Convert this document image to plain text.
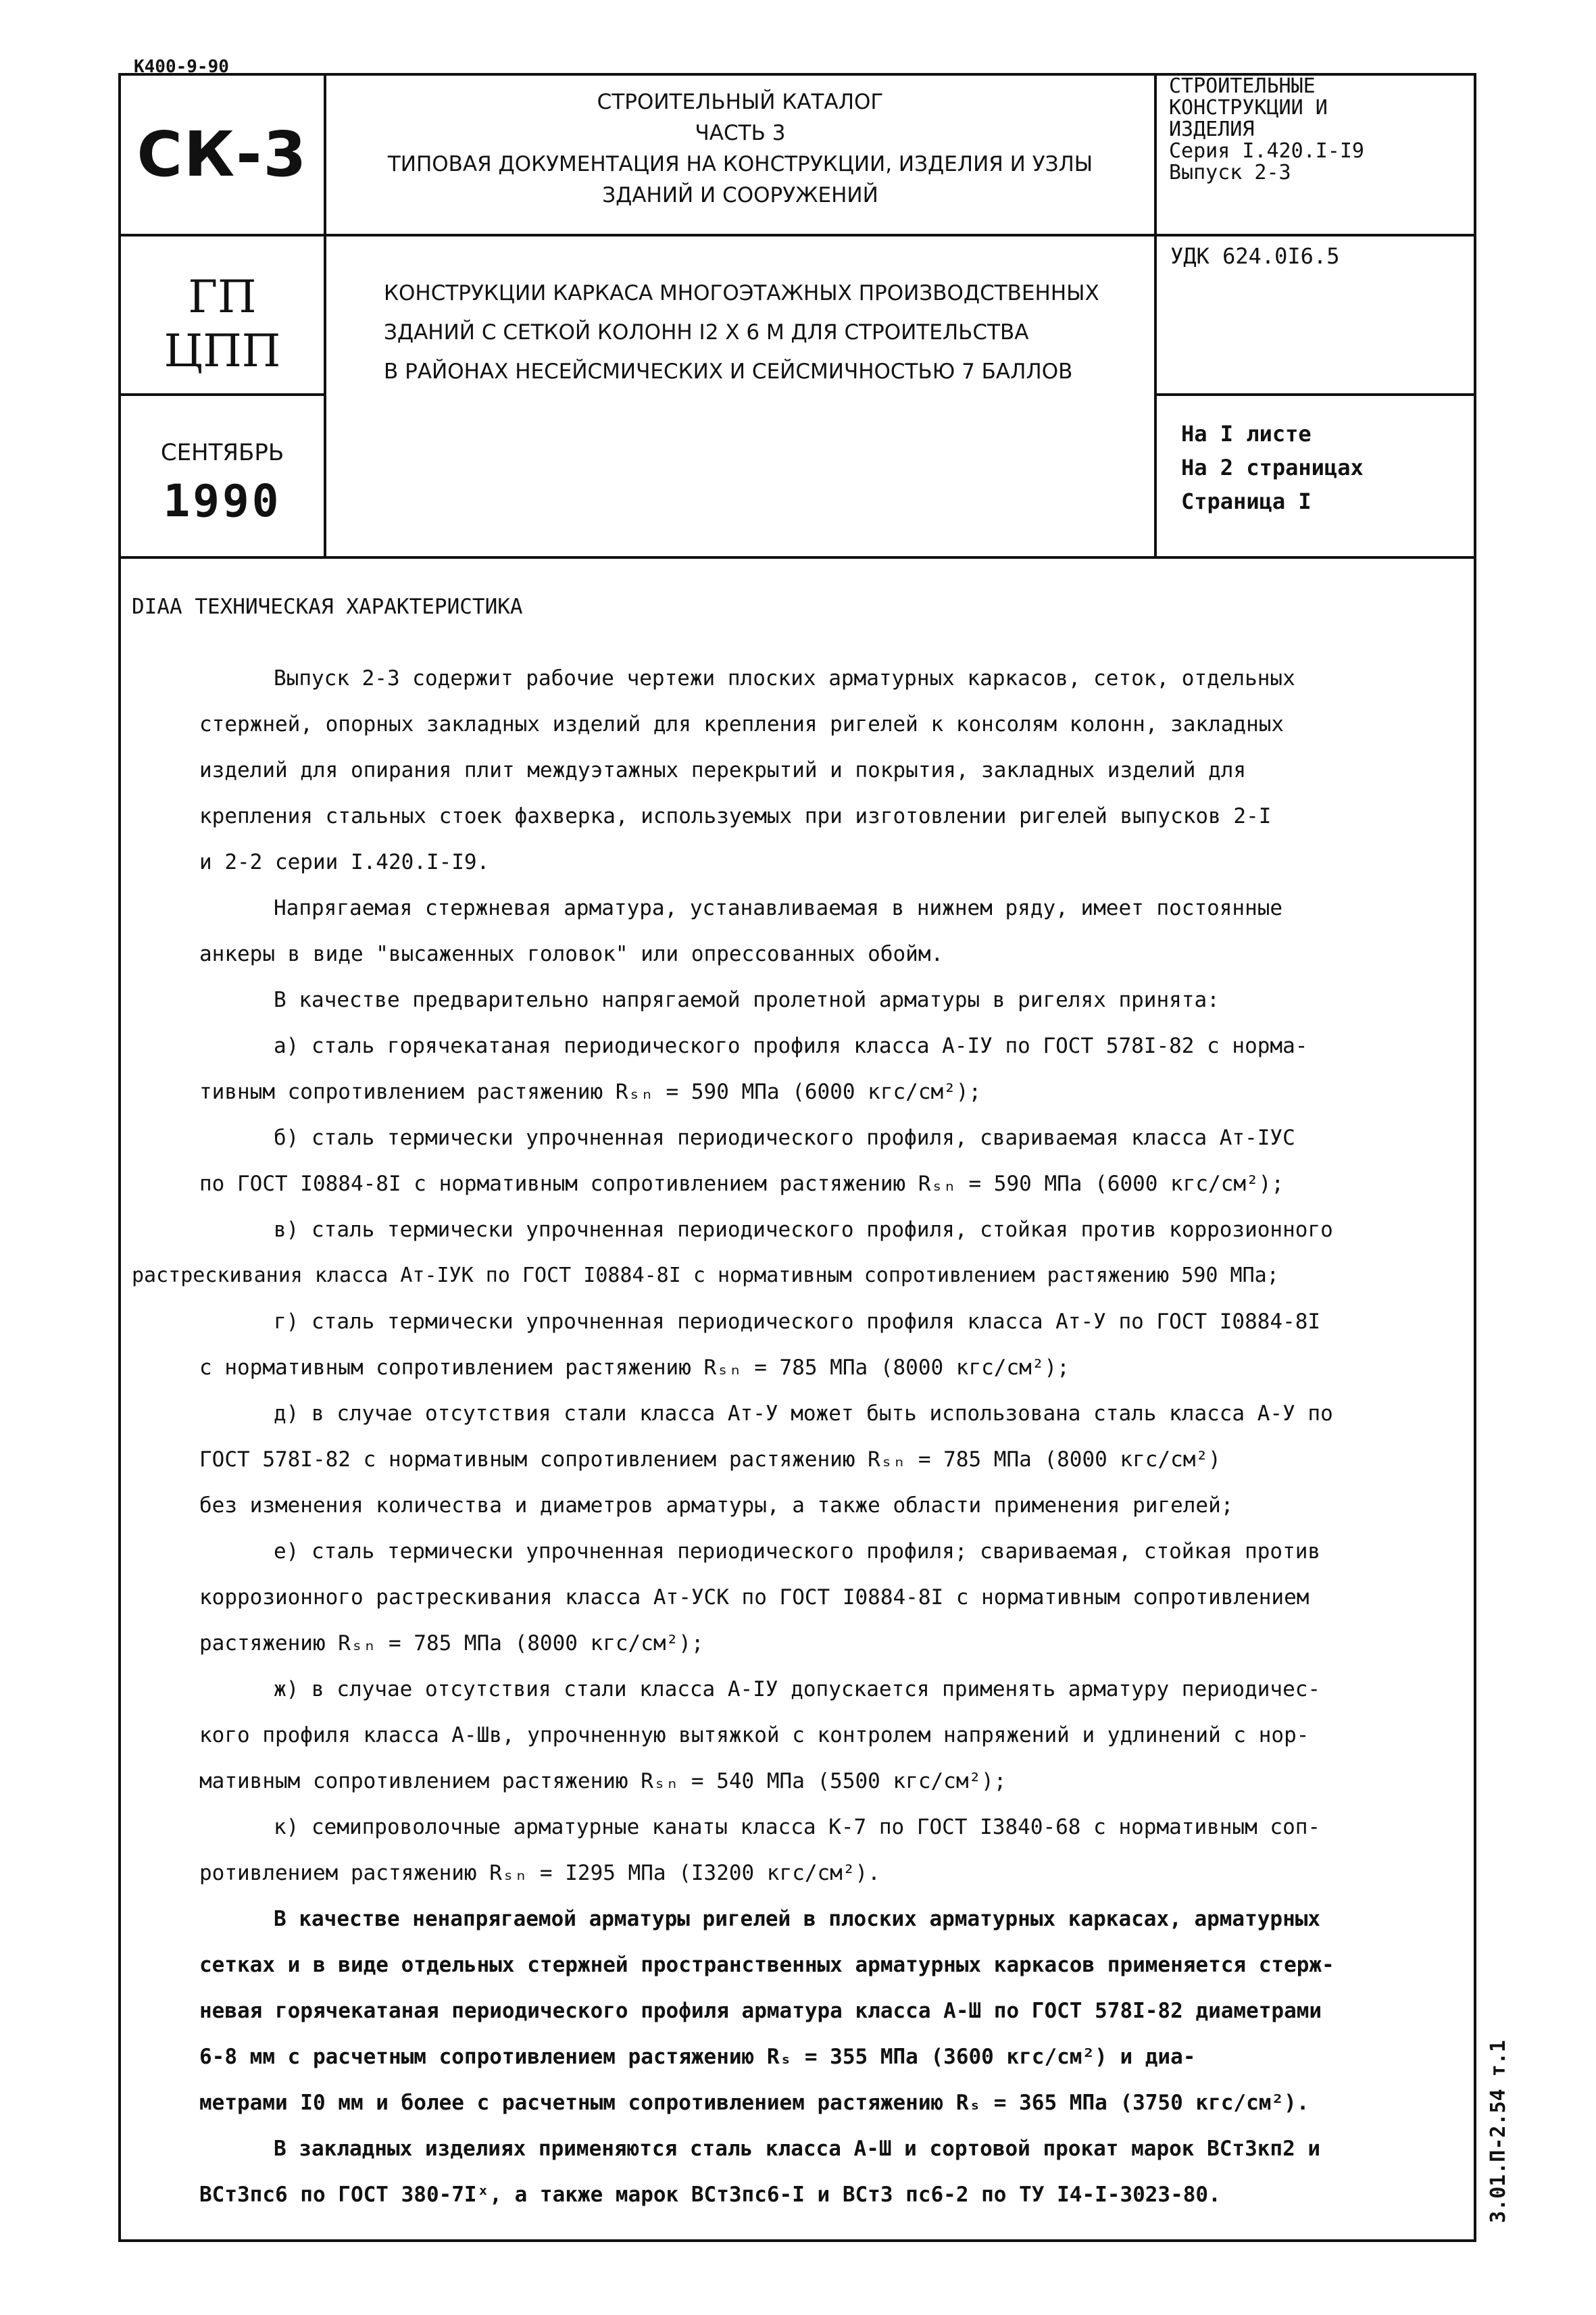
К400-9-90
СК-3
ГП
ЦПП
СЕНТЯБРЬ
1990
СТРОИТЕЛЬНЫЙ КАТАЛОГ
ЧАСТЬ 3
ТИПОВАЯ ДОКУМЕНТАЦИЯ НА КОНСТРУКЦИИ, ИЗДЕЛИЯ И УЗЛЫ
ЗДАНИЙ И СООРУЖЕНИЙ
КОНСТРУКЦИИ КАРКАСА МНОГОЭТАЖНЫХ ПРОИЗВОДСТВЕННЫХ
ЗДАНИЙ С СЕТКОЙ КОЛОНН I2 Х 6 М ДЛЯ СТРОИТЕЛЬСТВА
В РАЙОНАХ НЕСЕЙСМИЧЕСКИХ И СЕЙСМИЧНОСТЬЮ 7 БАЛЛОВ
СТРОИТЕЛЬНЫЕ
КОНСТРУКЦИИ И
ИЗДЕЛИЯ
Серия I.420.I-I9
Выпуск 2-3
УДК 624.0I6.5
На I листе
На 2 страницах
Страница I
DIAA ТЕХНИЧЕСКАЯ ХАРАКТЕРИСТИКА
Выпуск 2-3 содержит рабочие чертежи плоских арматурных каркасов, сеток, отдельных
стержней, опорных закладных изделий для крепления ригелей к консолям колонн, закладных
изделий для опирания плит междуэтажных перекрытий и покрытия, закладных изделий для
крепления стальных стоек фахверка, используемых при изготовлении ригелей выпусков 2-I
и 2-2 серии I.420.I-I9.
Напрягаемая стержневая арматура, устанавливаемая в нижнем ряду, имеет постоянные
анкеры в виде "высаженных головок" или опрессованных обойм.
В качестве предварительно напрягаемой пролетной арматуры в ригелях принята:
а) сталь горячекатаная периодического профиля класса А-IУ по ГОСТ 578I-82 с норма-
тивным сопротивлением растяжению Rₛₙ = 590 МПа (6000 кгс/см²);
б) сталь термически упрочненная периодического профиля, свариваемая класса Ат-IУС
по ГОСТ I0884-8I с нормативным сопротивлением растяжению Rₛₙ = 590 МПа (6000 кгс/см²);
в) сталь термически упрочненная периодического профиля, стойкая против коррозионного
растрескивания класса Ат-IУК по ГОСТ I0884-8I с нормативным сопротивлением растяжению 590 МПа;
г) сталь термически упрочненная периодического профиля класса Ат-У по ГОСТ I0884-8I
с нормативным сопротивлением растяжению Rₛₙ = 785 МПа (8000 кгс/см²);
д) в случае отсутствия стали класса Ат-У может быть использована сталь класса А-У по
ГОСТ 578I-82 с нормативным сопротивлением растяжению Rₛₙ = 785 МПа (8000 кгс/см²)
без изменения количества и диаметров арматуры, а также области применения ригелей;
е) сталь термически упрочненная периодического профиля; свариваемая, стойкая против
коррозионного растрескивания класса Ат-УСК по ГОСТ I0884-8I с нормативным сопротивлением
растяжению Rₛₙ = 785 МПа (8000 кгс/см²);
ж) в случае отсутствия стали класса А-IУ допускается применять арматуру периодичес-
кого профиля класса А-Шв, упрочненную вытяжкой с контролем напряжений и удлинений с нор-
мативным сопротивлением растяжению Rₛₙ = 540 МПа (5500 кгс/см²);
к) семипроволочные арматурные канаты класса К-7 по ГОСТ I3840-68 с нормативным соп-
ротивлением растяжению Rₛₙ = I295 МПа (I3200 кгс/см²).
В качестве ненапрягаемой арматуры ригелей в плоских арматурных каркасах, арматурных
сетках и в виде отдельных стержней пространственных арматурных каркасов применяется стерж-
невая горячекатаная периодического профиля арматура класса А-Ш по ГОСТ 578I-82 диаметрами
6-8 мм с расчетным сопротивлением растяжению Rₛ = 355 МПа (3600 кгс/см²) и диа-
метрами I0 мм и более с расчетным сопротивлением растяжению Rₛ = 365 МПа (3750 кгс/см²).
В закладных изделиях применяются сталь класса А-Ш и сортовой прокат марок ВСт3кп2 и
ВСт3пс6 по ГОСТ 380-7Iˣ, а также марок ВСт3пс6-I и ВСт3 пс6-2 по ТУ I4-I-3023-80.	3.01.П-2.54 т.1
